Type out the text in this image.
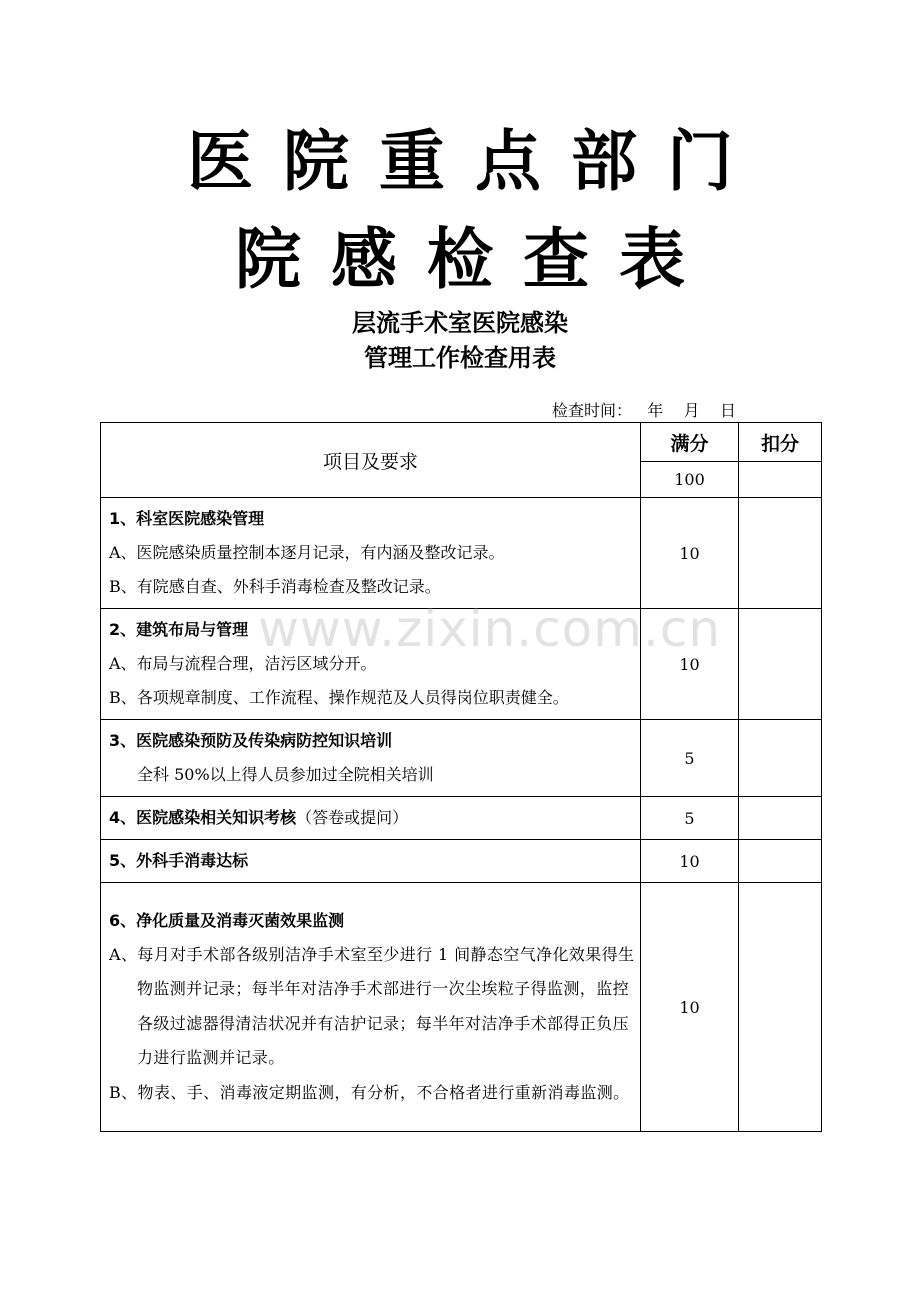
医院重点部门
院感检查表
层流手术室医院感染
管理工作检查用表
检查时间：   年    月    日
项目及要求	满分	扣分
	100	

1、科室医院感染管理
A、医院感染质量控制本逐月记录，有内涵及整改记录。
B、有院感自查、外科手消毒检查及整改记录。	10	

2、建筑布局与管理
A、布局与流程合理，洁污区域分开。
B、各项规章制度、工作流程、操作规范及人员得岗位职责健全。	10	

3、医院感染预防及传染病防控知识培训
全科 50%以上得人员参加过全院相关培训	5	

4、医院感染相关知识考核（答卷或提问）	5	

5、外科手消毒达标	10	

6、净化质量及消毒灭菌效果监测
A、每月对手术部各级别洁净手术室至少进行 1 间静态空气净化效果得生物监测并记录；每半年对洁净手术部进行一次尘埃粒子得监测，监控各级过滤器得清洁状况并有洁护记录；每半年对洁净手术部得正负压力进行监测并记录。
B、物表、手、消毒液定期监测，有分析，不合格者进行重新消毒监测。	10	
www.zixin.com.cn
